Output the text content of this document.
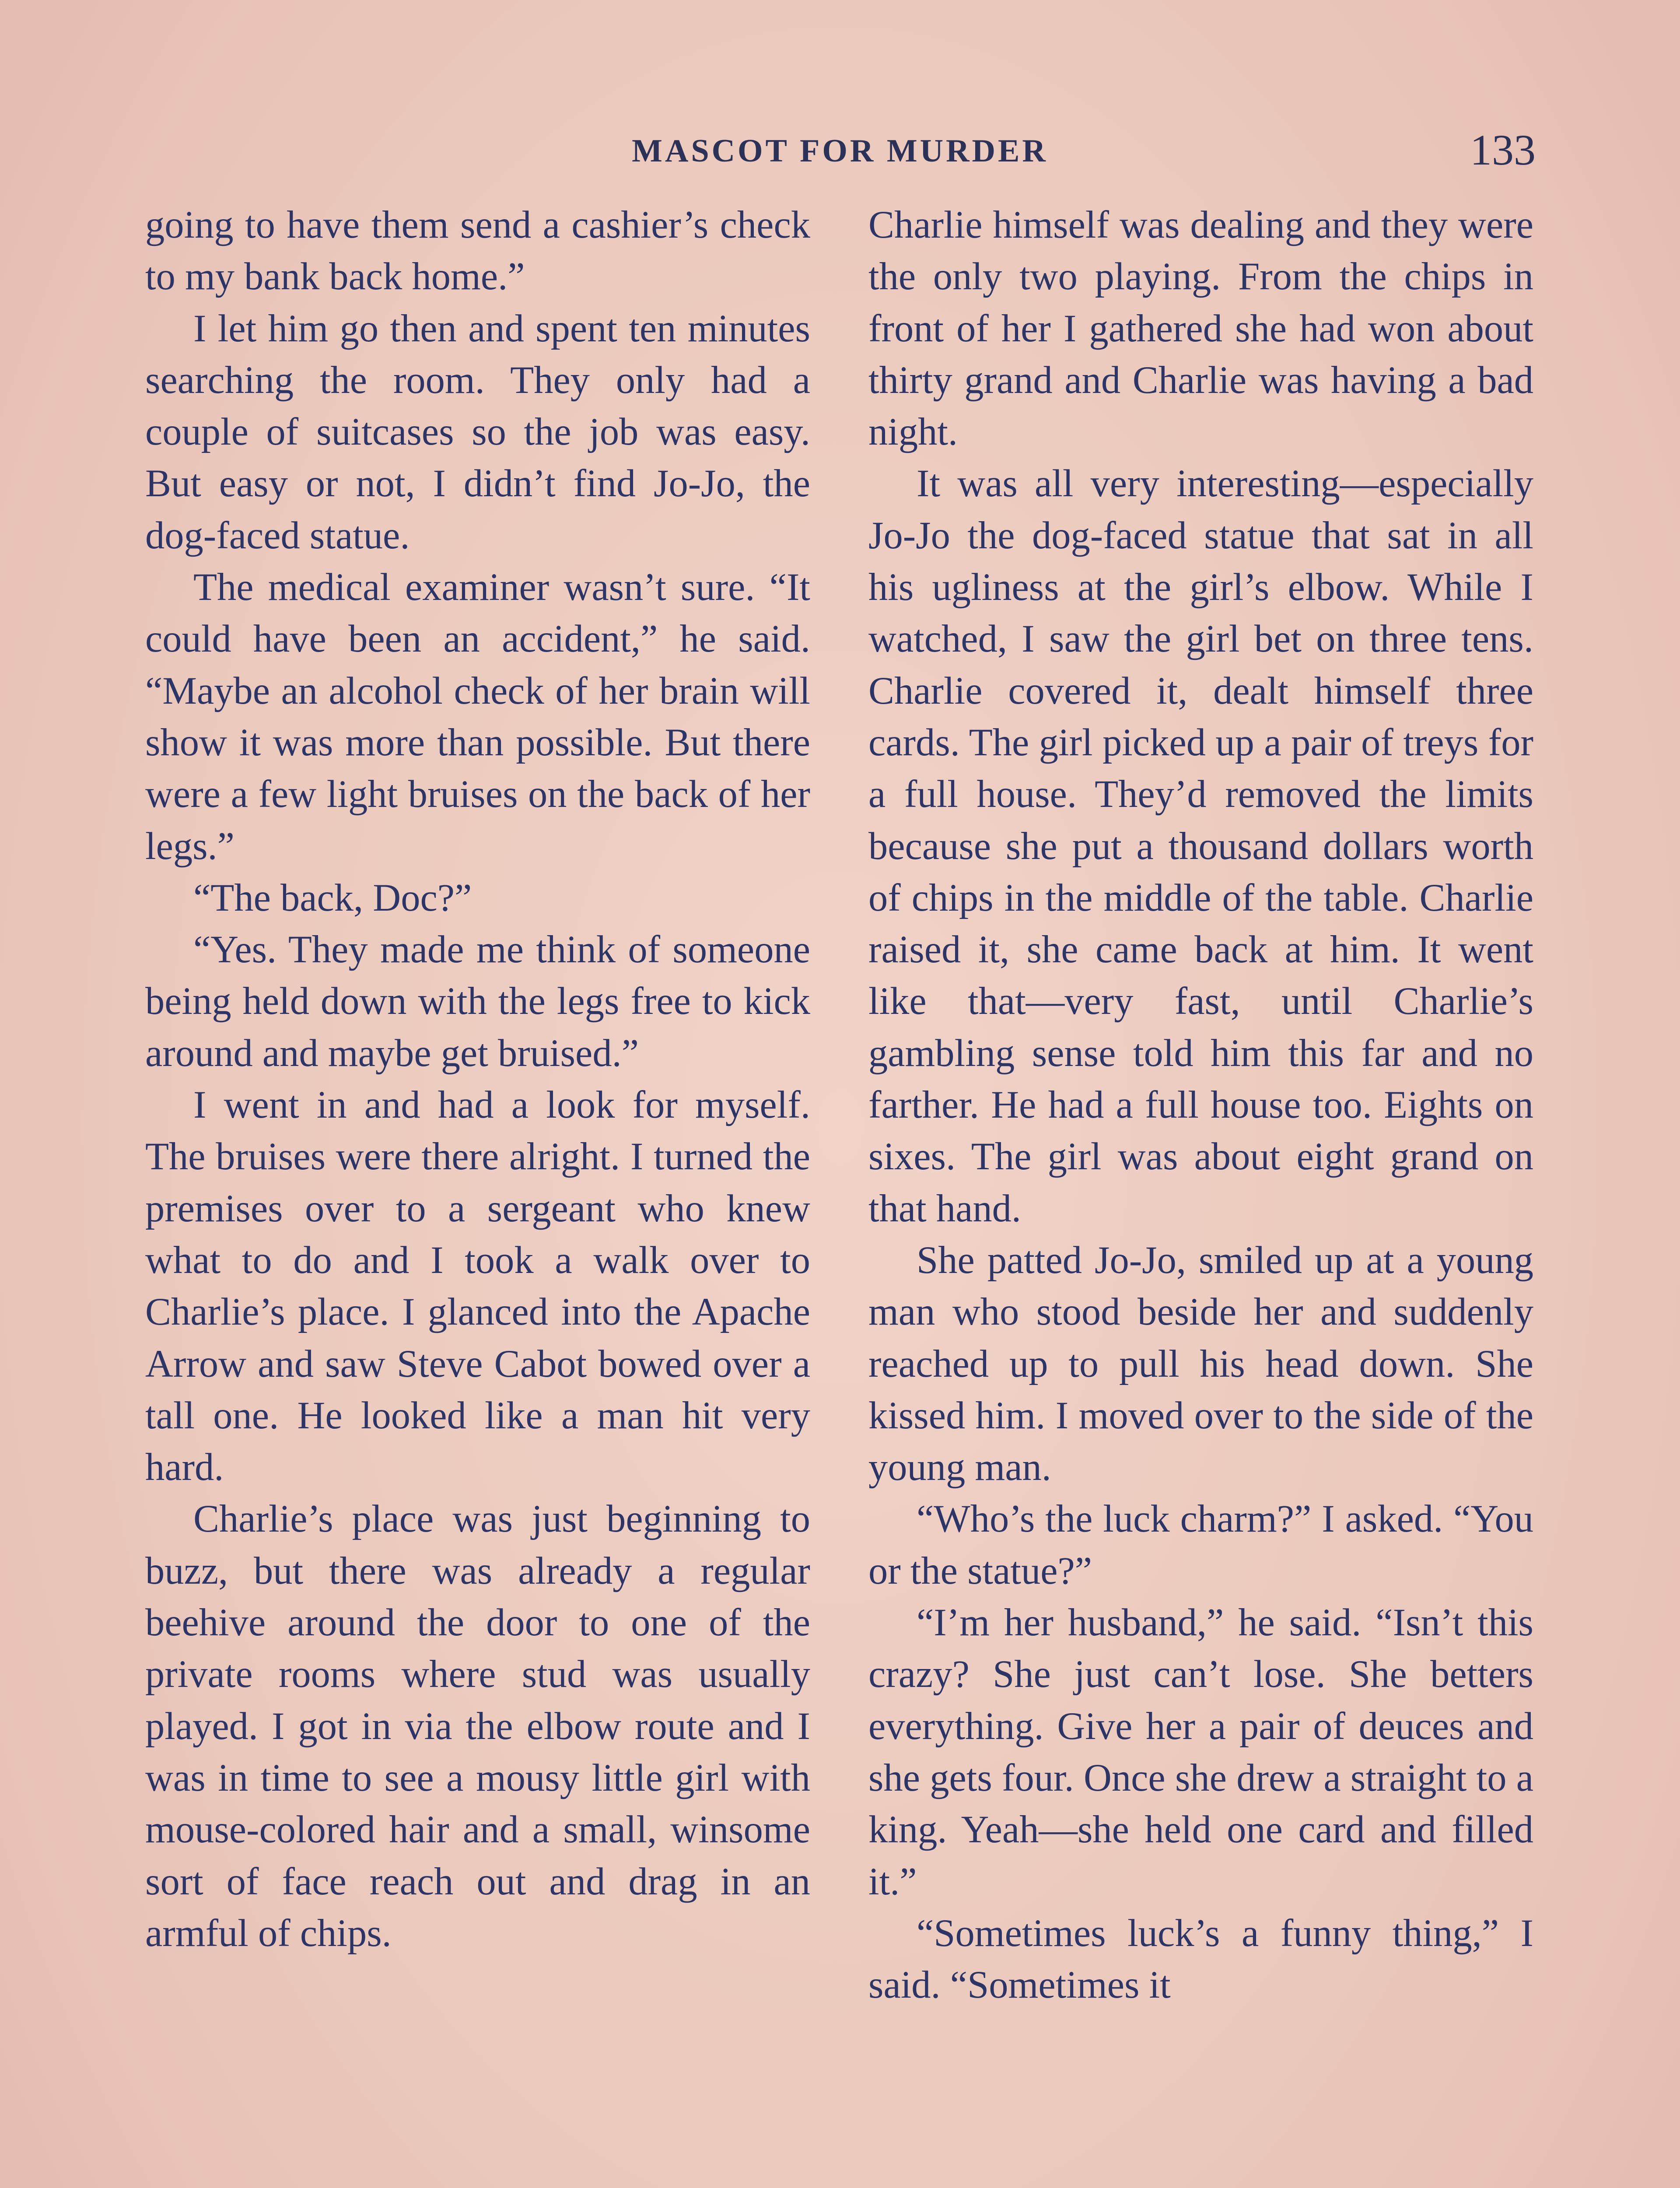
MASCOT FOR MURDER	133

going to have them send a cashier’s check to my bank back home.”

I let him go then and spent ten minutes searching the room. They only had a couple of suitcases so the job was easy. But easy or not, I didn’t find Jo-Jo, the dog-faced statue.

The medical examiner wasn’t sure. “It could have been an accident,” he said. “Maybe an alcohol check of her brain will show it was more than possible. But there were a few light bruises on the back of her legs.”

“The back, Doc?”

“Yes. They made me think of someone being held down with the legs free to kick around and maybe get bruised.”

I went in and had a look for myself. The bruises were there alright. I turned the premises over to a sergeant who knew what to do and I took a walk over to Charlie’s place. I glanced into the Apache Arrow and saw Steve Cabot bowed over a tall one. He looked like a man hit very hard.

Charlie’s place was just beginning to buzz, but there was already a regular beehive around the door to one of the private rooms where stud was usually played. I got in via the elbow route and I was in time to see a mousy little girl with mouse-colored hair and a small, winsome sort of face reach out and drag in an armful of chips.

Charlie himself was dealing and they were the only two playing. From the chips in front of her I gathered she had won about thirty grand and Charlie was having a bad night.

It was all very interesting—especially Jo-Jo the dog-faced statue that sat in all his ugliness at the girl’s elbow. While I watched, I saw the girl bet on three tens. Charlie covered it, dealt himself three cards. The girl picked up a pair of treys for a full house. They’d removed the limits because she put a thousand dollars worth of chips in the middle of the table. Charlie raised it, she came back at him. It went like that—very fast, until Charlie’s gambling sense told him this far and no farther. He had a full house too. Eights on sixes. The girl was about eight grand on that hand.

She patted Jo-Jo, smiled up at a young man who stood beside her and suddenly reached up to pull his head down. She kissed him. I moved over to the side of the young man.

“Who’s the luck charm?” I asked. “You or the statue?”

“I’m her husband,” he said. “Isn’t this crazy? She just can’t lose. She betters everything. Give her a pair of deuces and she gets four. Once she drew a straight to a king. Yeah—she held one card and filled it.”

“Sometimes luck’s a funny thing,” I said. “Sometimes it
